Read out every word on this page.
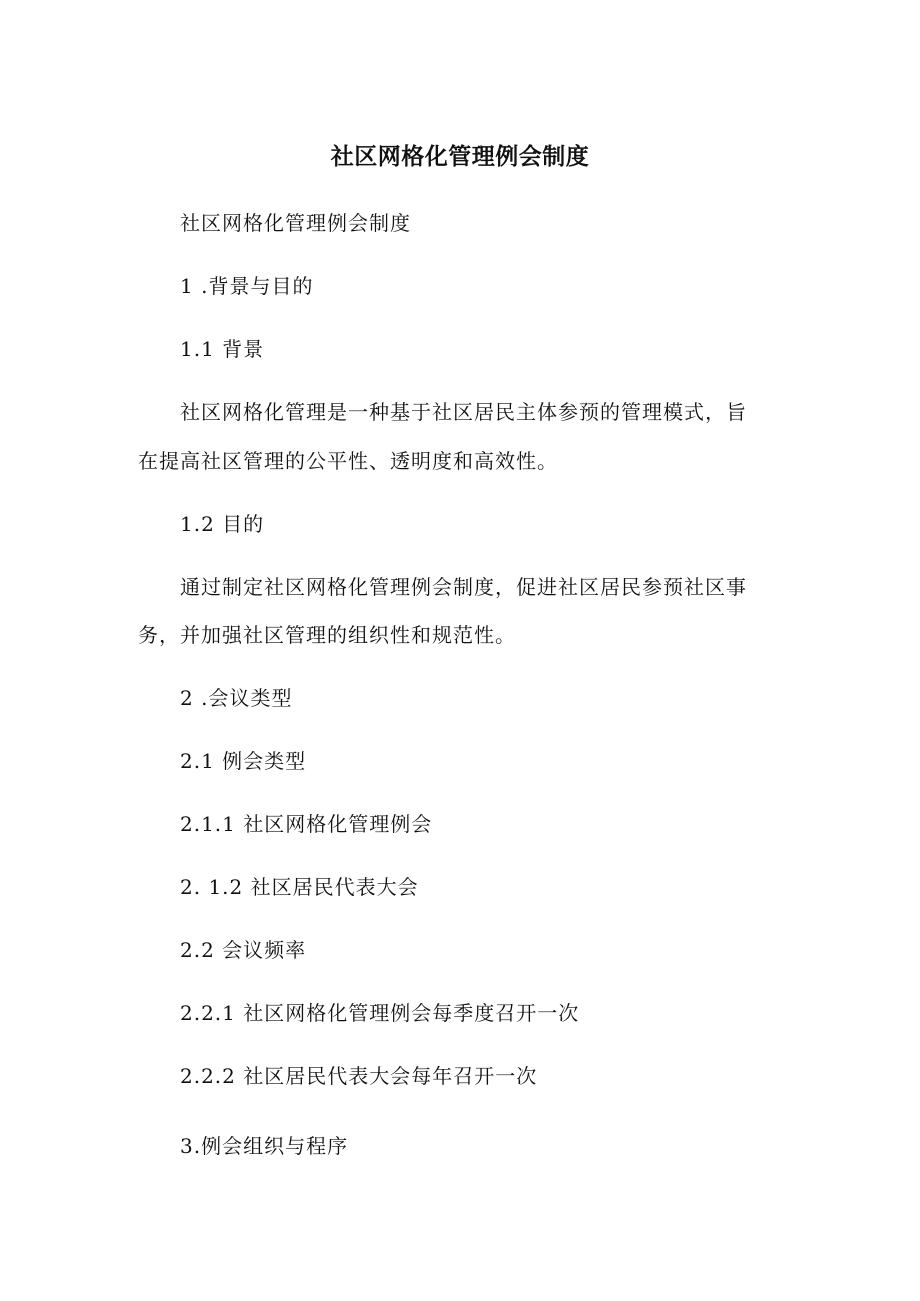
社区网格化管理例会制度
社区网格化管理例会制度
1 .背景与目的
1.1 背景
社区网格化管理是一种基于社区居民主体参预的管理模式，旨
在提高社区管理的公平性、透明度和高效性。
1.2 目的
通过制定社区网格化管理例会制度，促进社区居民参预社区事
务，并加强社区管理的组织性和规范性。
2 .会议类型
2.1 例会类型
2.1.1 社区网格化管理例会
2. 1.2 社区居民代表大会
2.2 会议频率
2.2.1 社区网格化管理例会每季度召开一次
2.2.2 社区居民代表大会每年召开一次
3.例会组织与程序
